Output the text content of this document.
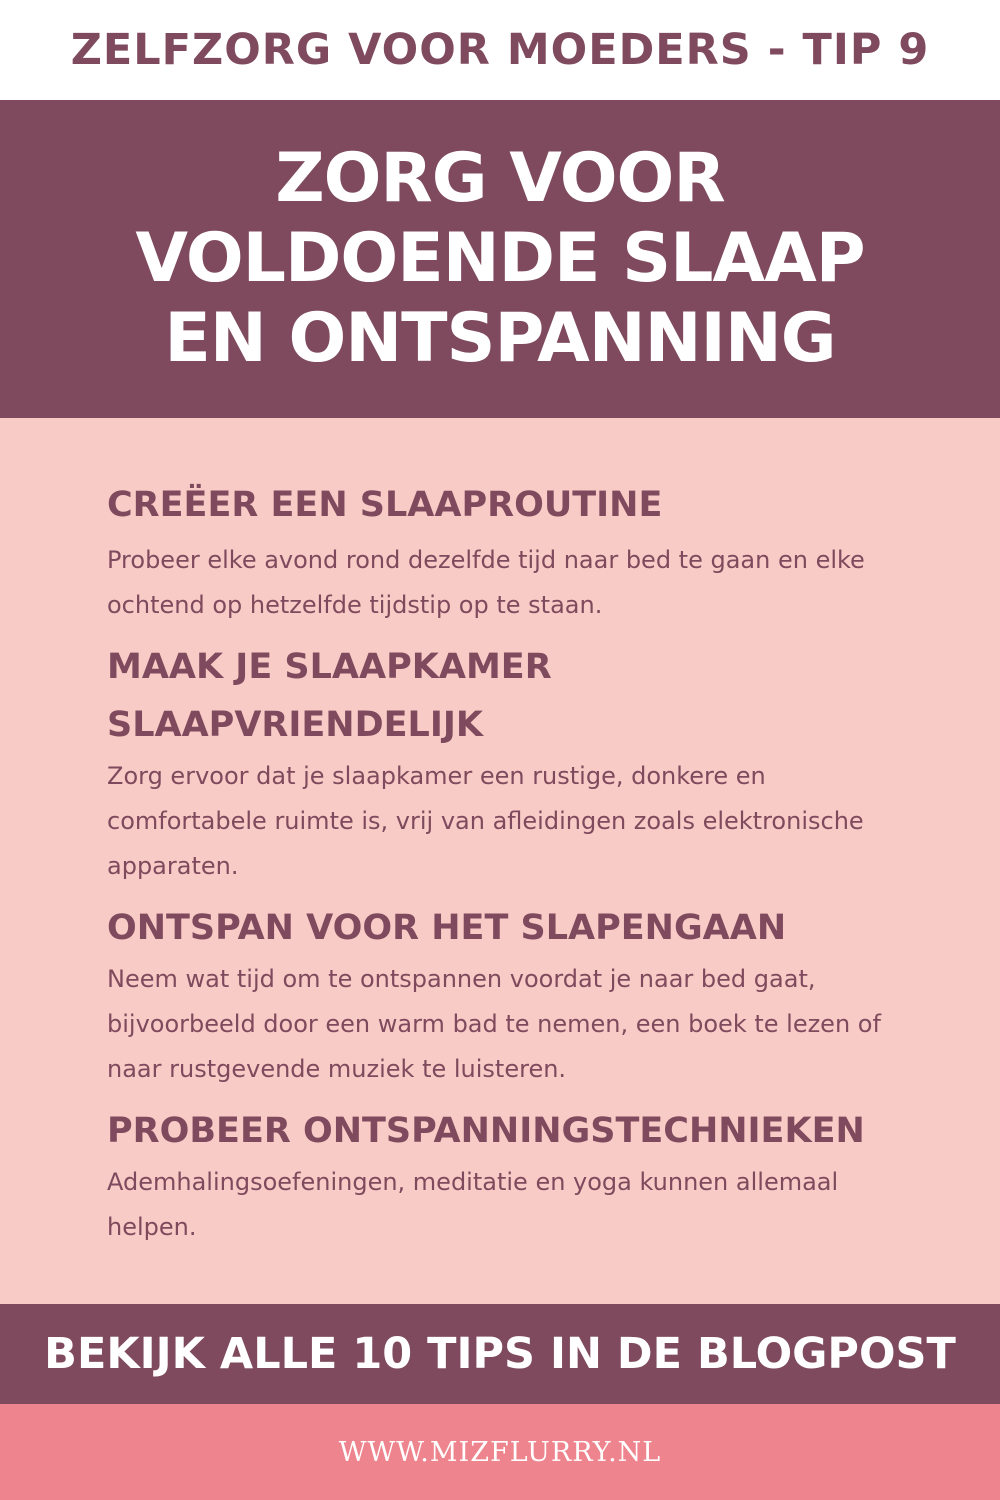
ZELFZORG VOOR MOEDERS - TIP 9
ZORG VOOR
VOLDOENDE SLAAP
EN ONTSPANNING
CREËER EEN SLAAPROUTINE

Probeer elke avond rond dezelfde tijd naar bed te gaan en elke ochtend op hetzelfde tijdstip op te staan.

MAAK JE SLAAPKAMER SLAAPVRIENDELIJK

Zorg ervoor dat je slaapkamer een rustige, donkere en comfortabele ruimte is, vrij van afleidingen zoals elektronische apparaten.

ONTSPAN VOOR HET SLAPENGAAN

Neem wat tijd om te ontspannen voordat je naar bed gaat, bijvoorbeeld door een warm bad te nemen, een boek te lezen of naar rustgevende muziek te luisteren.

PROBEER ONTSPANNINGSTECHNIEKEN

Ademhalingsoefeningen, meditatie en yoga kunnen allemaal helpen.

BEKIJK ALLE 10 TIPS IN DE BLOGPOST
WWW.MIZFLURRY.NL
